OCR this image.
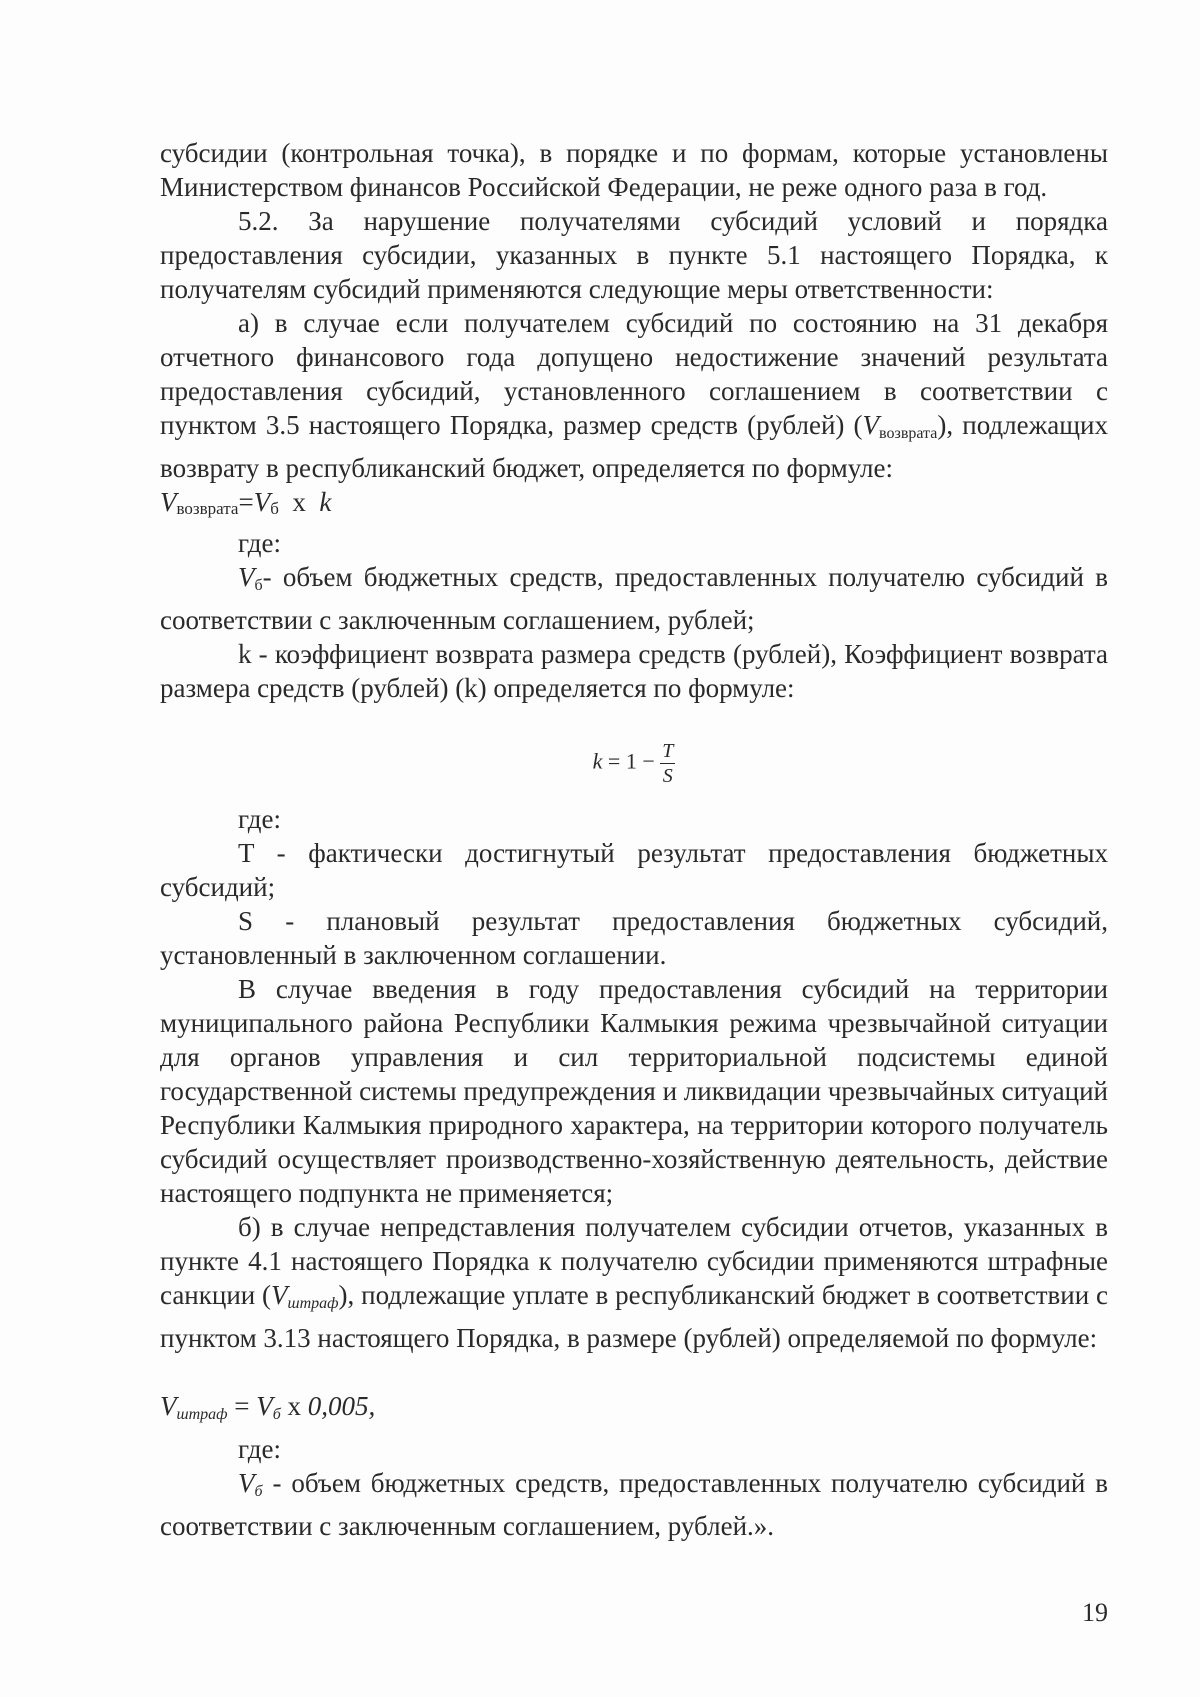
субсидии (контрольная точка), в порядке и по формам, которые установлены Министерством финансов Российской Федерации, не реже одного раза в год.

5.2. За нарушение получателями субсидий условий и порядка предоставления субсидии, указанных в пункте 5.1 настоящего Порядка, к получателям субсидий применяются следующие меры ответственности:

а) в случае если получателем субсидий по состоянию на 31 декабря отчетного финансового года допущено недостижение значений результата предоставления субсидий, установленного соглашением в соответствии с пунктом 3.5 настоящего Порядка, размер средств (рублей) $(V_{возврата})$, подлежащих возврату в республиканский бюджет, определяется по формуле:

Vвозврата=Vб x k

где:

$V_б-$ объем бюджетных средств, предоставленных получателю субсидий в соответствии с заключенным соглашением, рублей;

k - коэффициент возврата размера средств (рублей), Коэффициент возврата размера средств (рублей) (k) определяется по формуле:

$k = 1 - \frac{T}{S}$

где:

T - фактически достигнутый результат предоставления бюджетных субсидий;

S - плановый результат предоставления бюджетных субсидий, установленный в заключенном соглашении.

В случае введения в году предоставления субсидий на территории муниципального района Республики Калмыкия режима чрезвычайной ситуации для органов управления и сил территориальной подсистемы единой государственной системы предупреждения и ликвидации чрезвычайных ситуаций Республики Калмыкия природного характера, на территории которого получатель субсидий осуществляет производственно-хозяйственную деятельность, действие настоящего подпункта не применяется;

б) в случае непредставления получателем субсидии отчетов, указанных в пункте 4.1 настоящего Порядка к получателю субсидии применяются штрафные санкции (Vштраф), подлежащие уплате в республиканский бюджет в соответствии с пунктом 3.13 настоящего Порядка, в размере (рублей) определяемой по формуле:

Vштраф = Vб x 0,005,

где:

Vб - объем бюджетных средств, предоставленных получателю субсидий в соответствии с заключенным соглашением, рублей.».

19
